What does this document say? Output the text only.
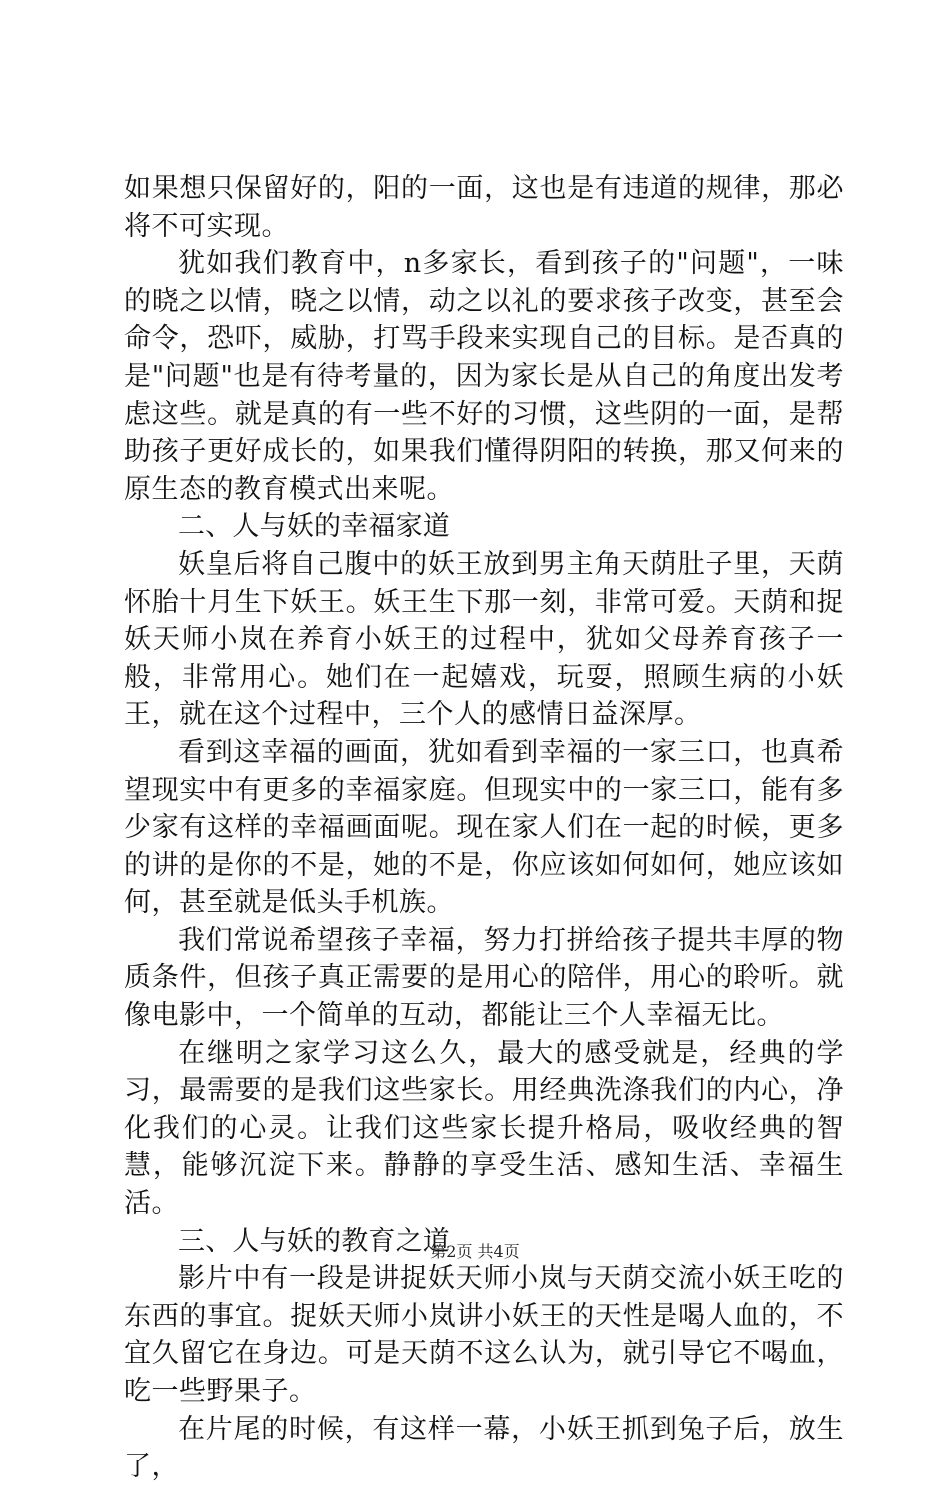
如果想只保留好的，阳的一面，这也是有违道的规律，那必将不可实现。

犹如我们教育中，n多家长，看到孩子的"问题"，一味的晓之以情，晓之以情，动之以礼的要求孩子改变，甚至会命令，恐吓，威胁，打骂手段来实现自己的目标。是否真的是"问题"也是有待考量的，因为家长是从自己的角度出发考虑这些。就是真的有一些不好的习惯，这些阴的一面，是帮助孩子更好成长的，如果我们懂得阴阳的转换，那又何来的原生态的教育模式出来呢。

二、人与妖的幸福家道

妖皇后将自己腹中的妖王放到男主角天荫肚子里，天荫怀胎十月生下妖王。妖王生下那一刻，非常可爱。天荫和捉妖天师小岚在养育小妖王的过程中，犹如父母养育孩子一般，非常用心。她们在一起嬉戏，玩耍，照顾生病的小妖王，就在这个过程中，三个人的感情日益深厚。

看到这幸福的画面，犹如看到幸福的一家三口，也真希望现实中有更多的幸福家庭。但现实中的一家三口，能有多少家有这样的幸福画面呢。现在家人们在一起的时候，更多的讲的是你的不是，她的不是，你应该如何如何，她应该如何，甚至就是低头手机族。

我们常说希望孩子幸福，努力打拼给孩子提共丰厚的物质条件，但孩子真正需要的是用心的陪伴，用心的聆听。就像电影中，一个简单的互动，都能让三个人幸福无比。

在继明之家学习这么久，最大的感受就是，经典的学习，最需要的是我们这些家长。用经典洗涤我们的内心，净化我们的心灵。让我们这些家长提升格局，吸收经典的智慧，能够沉淀下来。静静的享受生活、感知生活、幸福生活。

三、人与妖的教育之道

影片中有一段是讲捉妖天师小岚与天荫交流小妖王吃的东西的事宜。捉妖天师小岚讲小妖王的天性是喝人血的，不宜久留它在身边。可是天荫不这么认为，就引导它不喝血，吃一些野果子。

在片尾的时候，有这样一幕，小妖王抓到兔子后，放生了，

第2页 共4页
